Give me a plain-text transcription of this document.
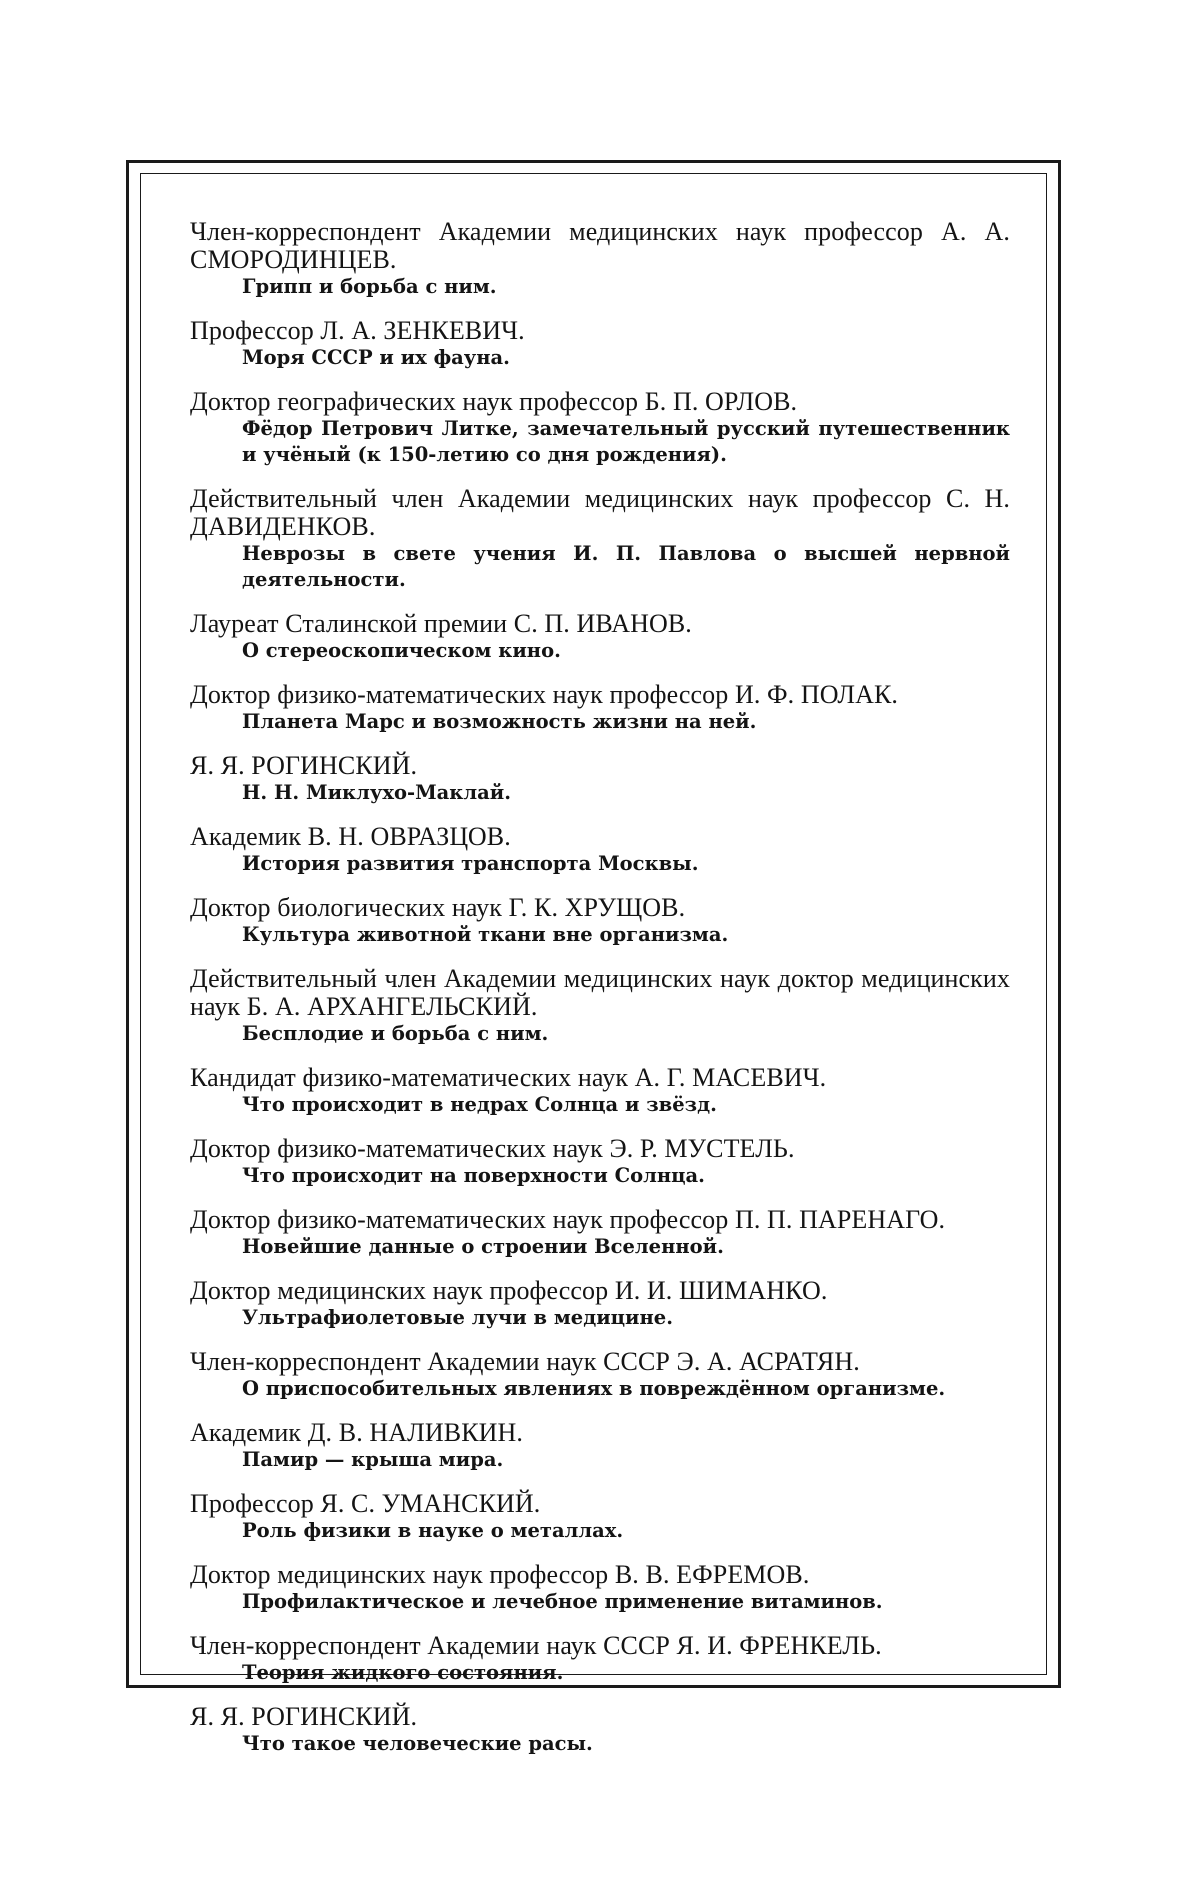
Член-корреспондент Академии медицинских наук профессор А. А. СМОРОДИНЦЕВ.
Грипп и борьба с ним.
Профессор Л. А. ЗЕНКЕВИЧ.
Моря СССР и их фауна.
Доктор географических наук профессор Б. П. ОРЛОВ.
Фёдор Петрович Литке, замечательный русский путешественник и учёный (к 150-летию со дня рождения).
Действительный член Академии медицинских наук профессор С. Н. ДАВИДЕНКОВ.
Неврозы в свете учения И. П. Павлова о высшей нервной деятельности.
Лауреат Сталинской премии С. П. ИВАНОВ.
О стереоскопическом кино.
Доктор физико-математических наук профессор И. Ф. ПОЛАК.
Планета Марс и возможность жизни на ней.
Я. Я. РОГИНСКИЙ.
Н. Н. Миклухо-Маклай.
Академик В. Н. ОВРАЗЦОВ.
История развития транспорта Москвы.
Доктор биологических наук Г. К. ХРУЩОВ.
Культура животной ткани вне организма.
Действительный член Академии медицинских наук доктор медицинских наук Б. А. АРХАНГЕЛЬСКИЙ.
Бесплодие и борьба с ним.
Кандидат физико-математических наук А. Г. МАСЕВИЧ.
Что происходит в недрах Солнца и звёзд.
Доктор физико-математических наук Э. Р. МУСТЕЛЬ.
Что происходит на поверхности Солнца.
Доктор физико-математических наук профессор П. П. ПАРЕНАГО.
Новейшие данные о строении Вселенной.
Доктор медицинских наук профессор И. И. ШИМАНКО.
Ультрафиолетовые лучи в медицине.
Член-корреспондент Академии наук СССР Э. А. АСРАТЯН.
О приспособительных явлениях в повреждённом организме.
Академик Д. В. НАЛИВКИН.
Памир — крыша мира.
Профессор Я. С. УМАНСКИЙ.
Роль физики в науке о металлах.
Доктор медицинских наук профессор В. В. ЕФРЕМОВ.
Профилактическое и лечебное применение витаминов.
Член-корреспондент Академии наук СССР Я. И. ФРЕНКЕЛЬ.
Теория жидкого состояния.
Я. Я. РОГИНСКИЙ.
Что такое человеческие расы.
